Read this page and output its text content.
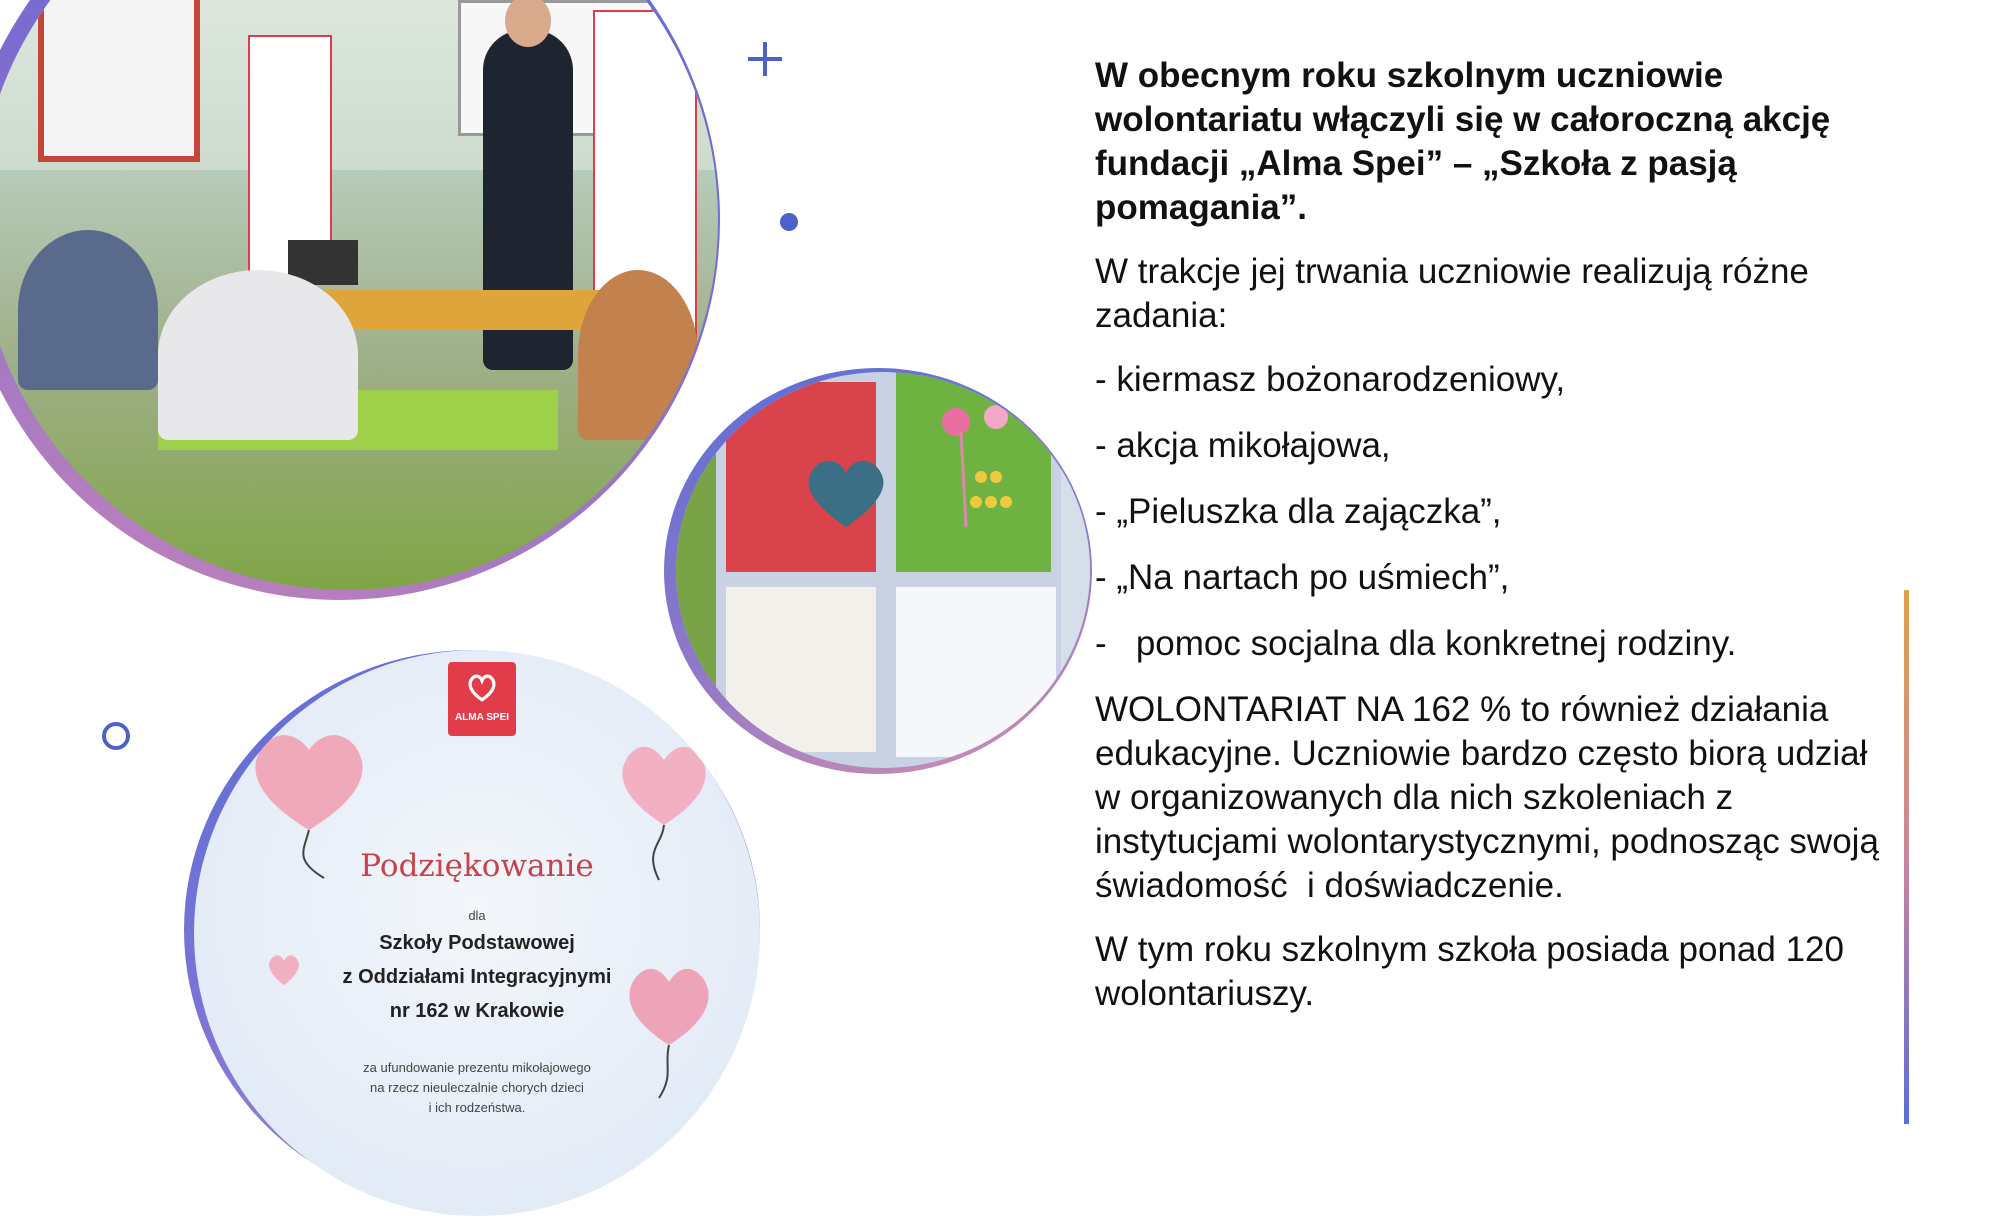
ALMA SPEI
Podziękowanie
dla
Szkoły Podstawowej
z Oddziałami Integracyjnymi
nr 162 w Krakowie
za ufundowanie prezentu mikołajowego
na rzecz nieuleczalnie chorych dzieci
i ich rodzeństwa.

W obecnym roku szkolnym uczniowie wolontariatu włączyli się w całoroczną akcję fundacji „Alma Spei” – „Szkoła z pasją pomagania”.

W trakcje jej trwania uczniowie realizują różne zadania:

- kiermasz bożonarodzeniowy,

- akcja mikołajowa,

- „Pieluszka dla zajączka”,

- „Na nartach po uśmiech”,

-   pomoc socjalna dla konkretnej rodziny.

WOLONTARIAT NA 162 % to również działania edukacyjne. Uczniowie bardzo często biorą udział w organizowanych dla nich szkoleniach z instytucjami wolontarystycznymi, podnosząc swoją świadomość  i doświadczenie.

W tym roku szkolnym szkoła posiada ponad 120 wolontariuszy.
